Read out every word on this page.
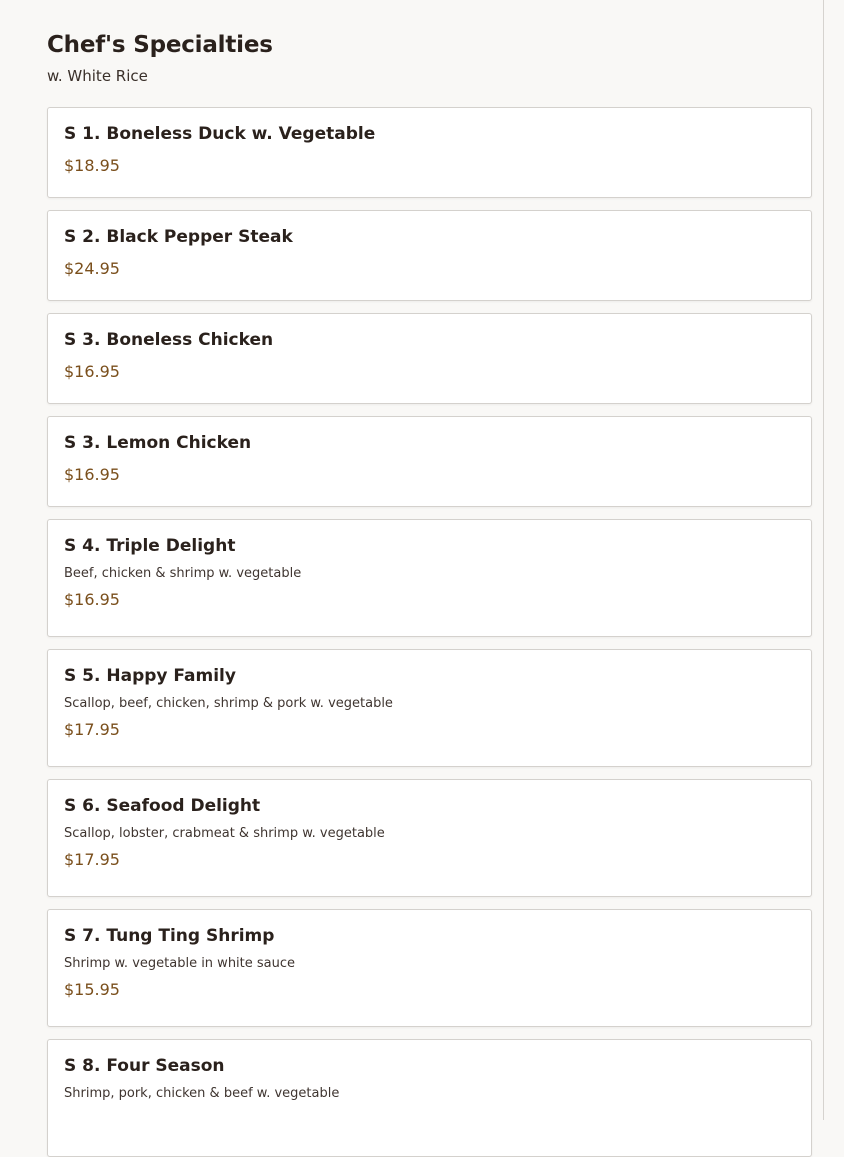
Chef's Specialties

w. White Rice

S 1. Boneless Duck w. Vegetable
$18.95
S 2. Black Pepper Steak
$24.95
S 3. Boneless Chicken
$16.95
S 3. Lemon Chicken
$16.95
S 4. Triple Delight
Beef, chicken & shrimp w. vegetable
$16.95
S 5. Happy Family
Scallop, beef, chicken, shrimp & pork w. vegetable
$17.95
S 6. Seafood Delight
Scallop, lobster, crabmeat & shrimp w. vegetable
$17.95
S 7. Tung Ting Shrimp
Shrimp w. vegetable in white sauce
$15.95
S 8. Four Season
Shrimp, pork, chicken & beef w. vegetable
